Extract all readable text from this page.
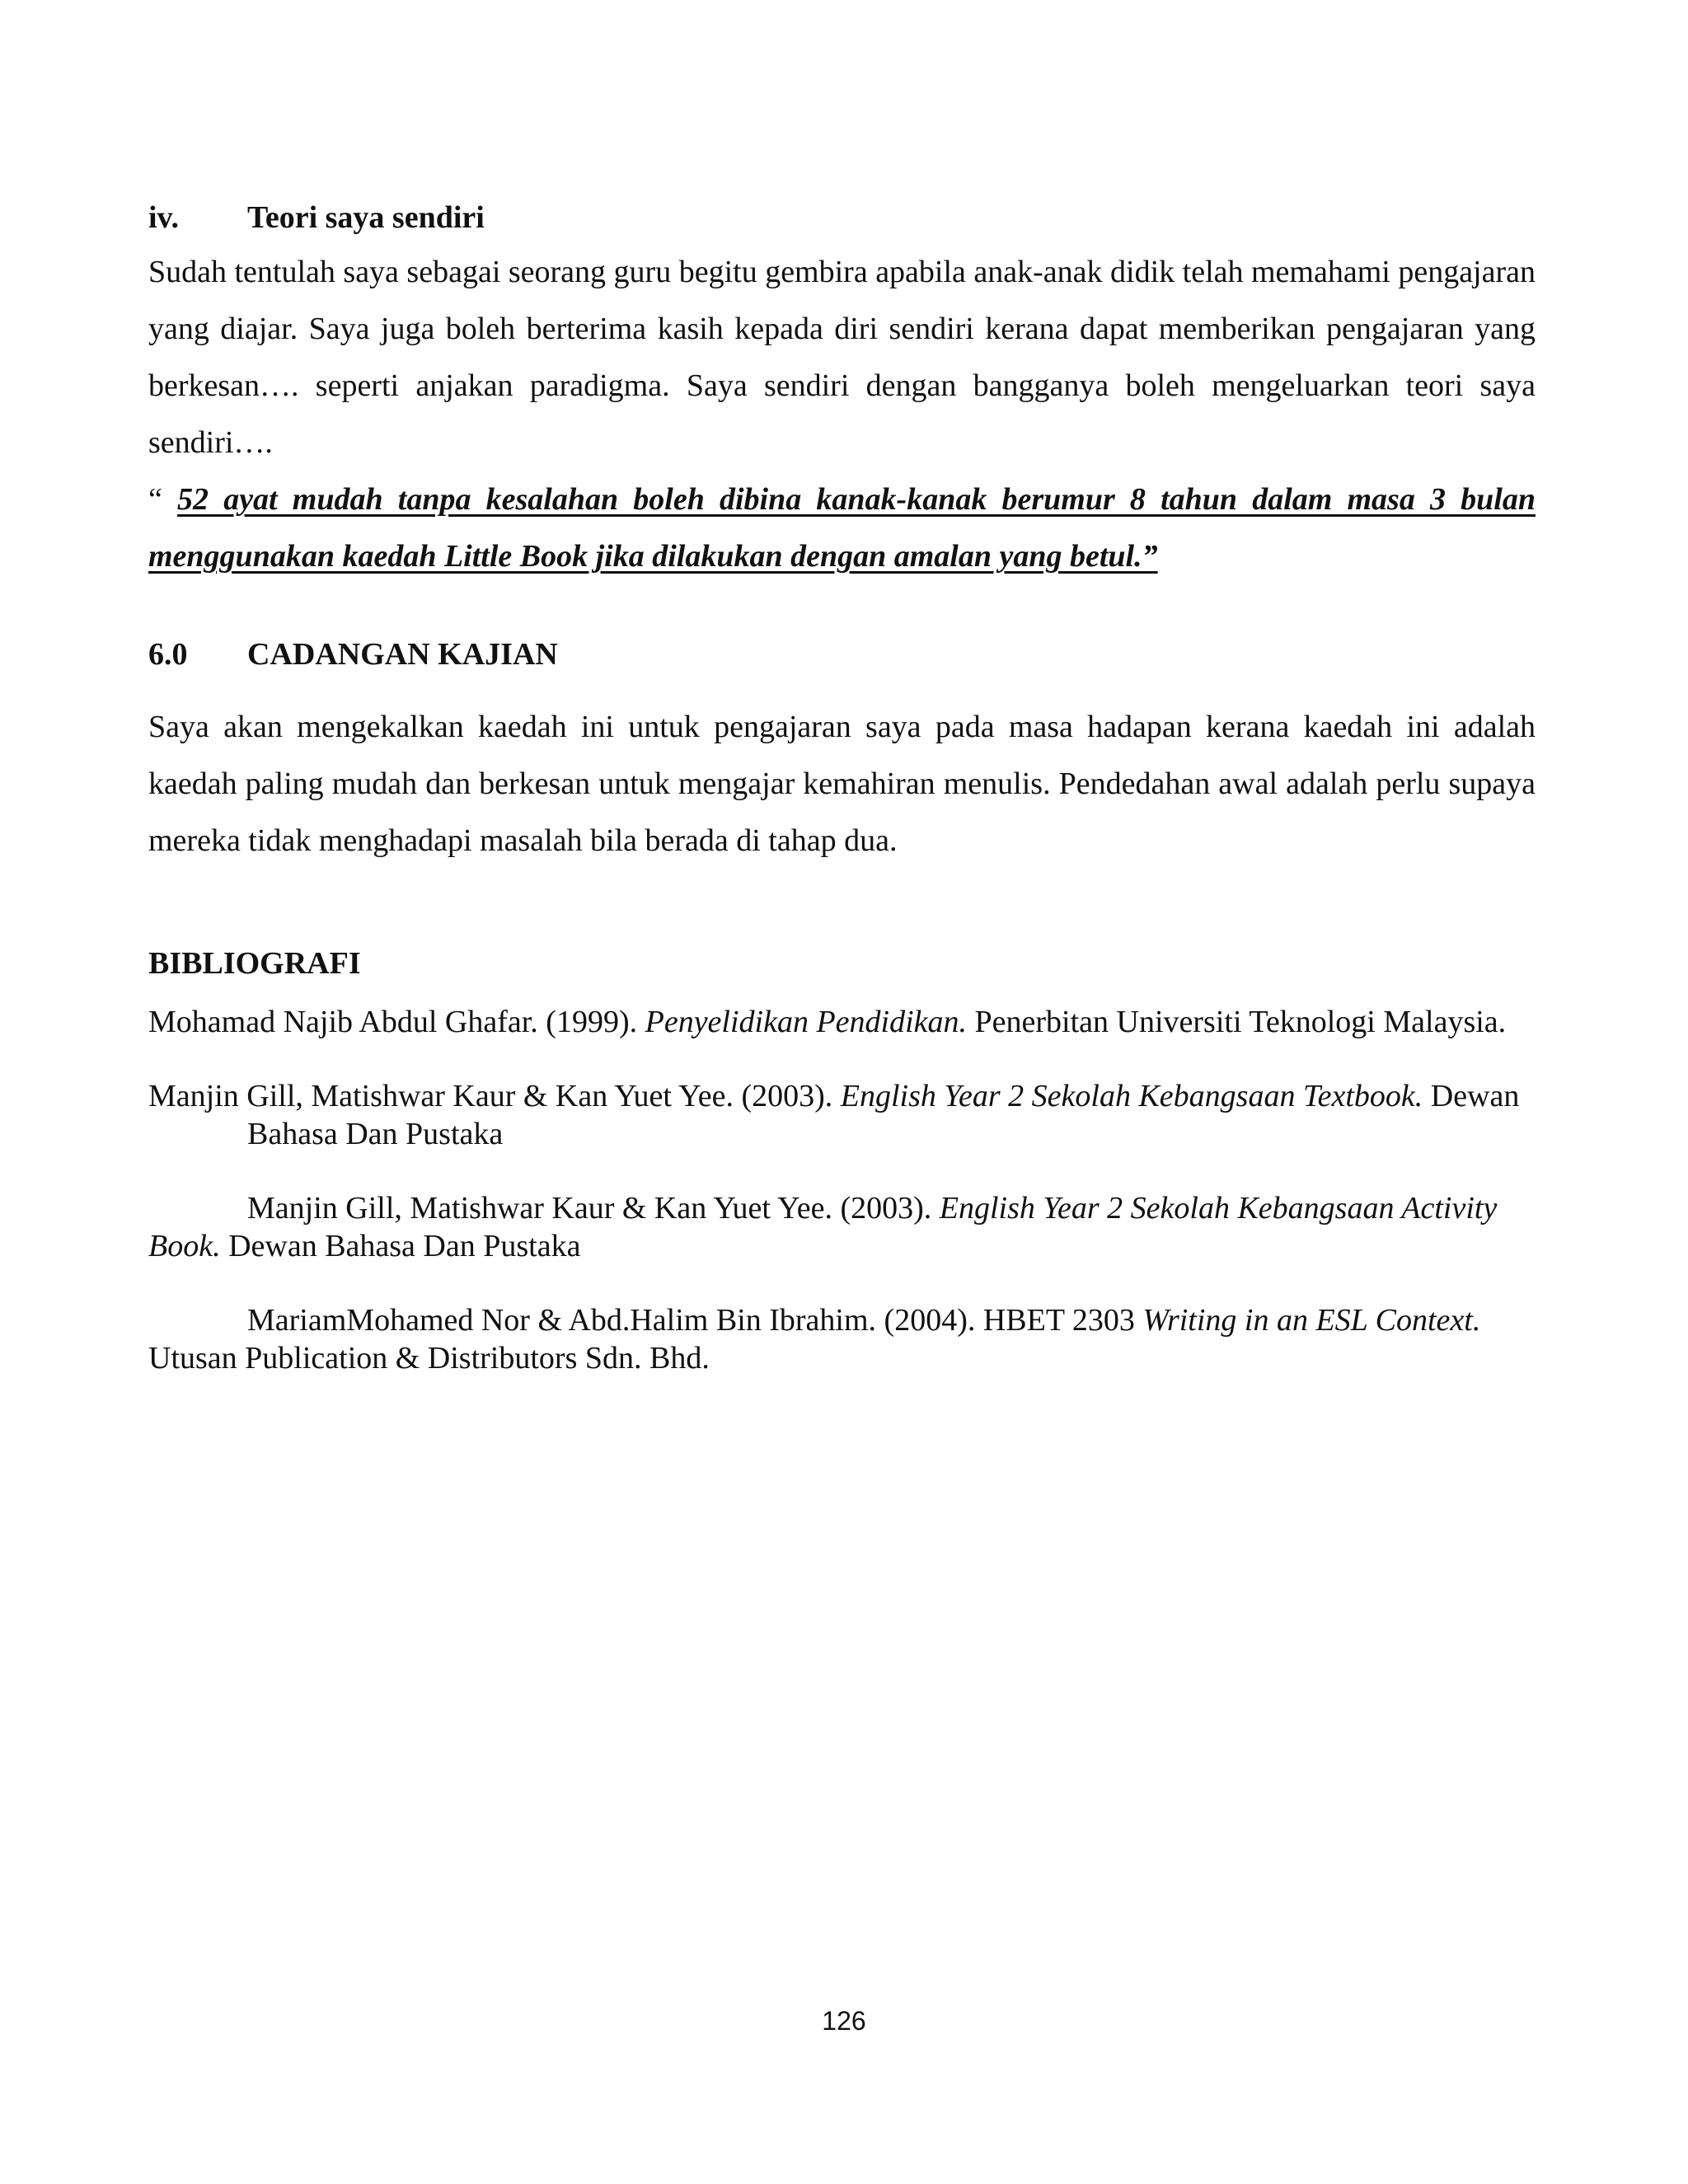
iv.	Teori saya sendiri

Sudah tentulah saya sebagai seorang guru begitu gembira apabila anak-anak didik telah memahami pengajaran yang diajar. Saya juga boleh berterima kasih kepada diri sendiri kerana dapat memberikan pengajaran yang berkesan…. seperti anjakan paradigma. Saya sendiri dengan bangganya boleh mengeluarkan teori saya sendiri….

“ 52 ayat mudah tanpa kesalahan boleh dibina kanak-kanak berumur 8 tahun dalam masa 3 bulan menggunakan kaedah Little Book jika dilakukan dengan amalan yang betul.”

6.0	CADANGAN KAJIAN

Saya akan mengekalkan kaedah ini untuk pengajaran saya pada masa hadapan kerana kaedah ini adalah kaedah paling mudah dan berkesan untuk mengajar kemahiran menulis. Pendedahan awal adalah perlu supaya mereka tidak menghadapi masalah bila berada di tahap dua.

BIBLIOGRAFI

Mohamad Najib Abdul Ghafar. (1999). Penyelidikan Pendidikan. Penerbitan Universiti Teknologi Malaysia.

Manjin Gill, Matishwar Kaur & Kan Yuet Yee. (2003). English Year 2 Sekolah Kebangsaan Textbook. Dewan Bahasa Dan Pustaka

Manjin Gill, Matishwar Kaur & Kan Yuet Yee. (2003). English Year 2 Sekolah Kebangsaan Activity Book. Dewan Bahasa Dan Pustaka

MariamMohamed Nor & Abd.Halim Bin Ibrahim. (2004). HBET 2303 Writing in an ESL Context. Utusan Publication & Distributors Sdn. Bhd.

126
